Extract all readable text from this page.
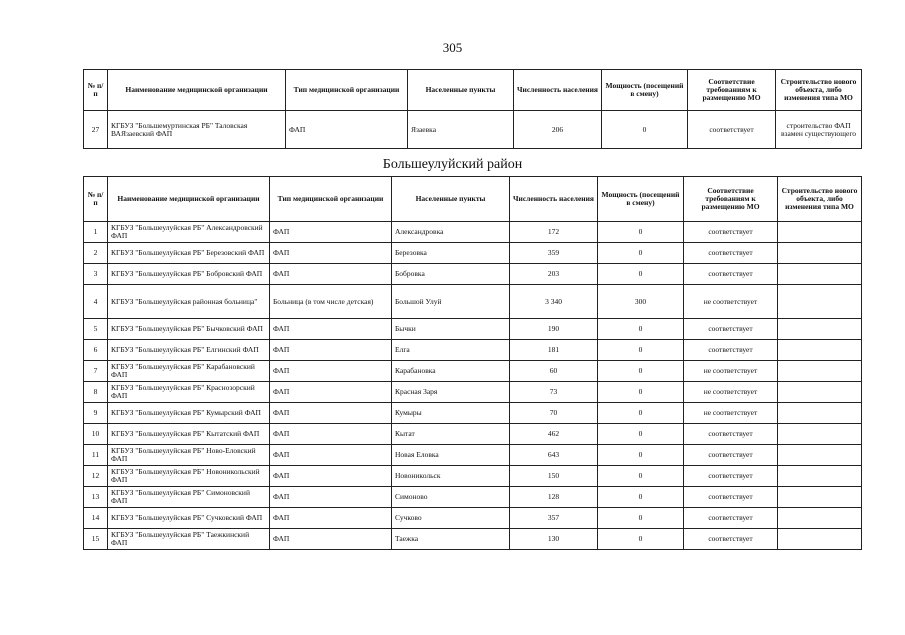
305
№ п/п	Наименование медицинской организации	Тип медицинской организации	Населенные пункты	Численность населения	Мощность (посещений в смену)	Соответствие требованиям к размещению МО	Строительство нового объекта, либо изменения типа МО
27	КГБУЗ "Большемуртинская РБ" Таловская ВАЯзаевский ФАП	ФАП	Язаевка	206	0	соответствует	строительство ФАП взамен существующего
Большеулуйский район
№ п/п	Наименование медицинской организации	Тип медицинской организации	Населенные пункты	Численность населения	Мощность (посещений в смену)	Соответствие требованиям к размещению МО	Строительство нового объекта, либо изменения типа МО
1	КГБУЗ "Большеулуйская РБ" Александровский ФАП	ФАП	Александровка	172	0	соответствует	
2	КГБУЗ "Большеулуйская РБ" Березовский ФАП	ФАП	Березовка	359	0	соответствует	
3	КГБУЗ "Большеулуйская РБ" Бобровский ФАП	ФАП	Бобровка	203	0	соответствует	
4	КГБУЗ "Большеулуйская районная больница"	Больница (в том числе детская)	Большой Улуй	3 340	300	не соответствует	
5	КГБУЗ "Большеулуйская РБ" Бычковский ФАП	ФАП	Бычки	190	0	соответствует	
6	КГБУЗ "Большеулуйская РБ" Елгинский ФАП	ФАП	Елга	181	0	соответствует	
7	КГБУЗ "Большеулуйская РБ" Карабановский ФАП	ФАП	Карабановка	60	0	не соответствует	
8	КГБУЗ "Большеулуйская РБ" Краснозорский ФАП	ФАП	Красная Заря	73	0	не соответствует	
9	КГБУЗ "Большеулуйская РБ" Кумырский ФАП	ФАП	Кумыры	70	0	не соответствует	
10	КГБУЗ "Большеулуйская РБ" Кытатский ФАП	ФАП	Кытат	462	0	соответствует	
11	КГБУЗ "Большеулуйская РБ" Ново-Еловский ФАП	ФАП	Новая Еловка	643	0	соответствует	
12	КГБУЗ "Большеулуйская РБ" Новоникольский ФАП	ФАП	Новоникольск	150	0	соответствует	
13	КГБУЗ "Большеулуйская РБ" Симоновский ФАП	ФАП	Симоново	128	0	соответствует	
14	КГБУЗ "Большеулуйская РБ" Сучковский ФАП	ФАП	Сучково	357	0	соответствует	
15	КГБУЗ "Большеулуйская РБ" Таежкинский ФАП	ФАП	Таежка	130	0	соответствует	
